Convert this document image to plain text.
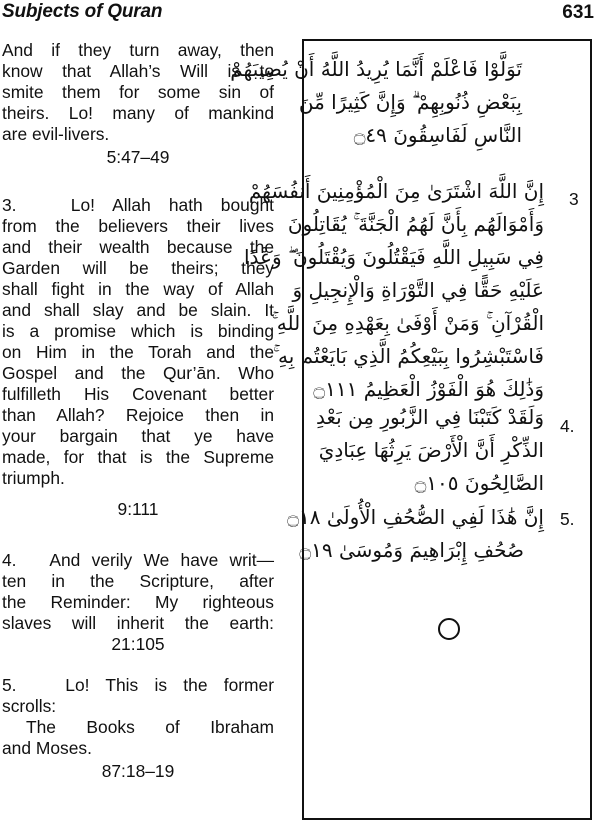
Subjects of Quran	631
And if they turn away, then
know that Allah’s Will is to
smite them for some sin of
theirs. Lo! many of mankind
are evil-livers.
5:47–49
3.   Lo! Allah hath bought
from the believers their lives
and their wealth because the
Garden will be theirs; they
shall fight in the way of Allah
and shall slay and be slain. It
is a promise which is binding
on Him in the Torah and the
Gospel and the Qur’ān. Who
fulfilleth His Covenant better
than Allah? Rejoice then in
your bargain that ye have
made, for that is the Supreme
triumph.
9:111
4.   And verily We have writ—
ten in the Scripture, after
the Reminder: My righteous
slaves will inherit the earth:
21:105
5.   Lo! This is the former
scrolls:
The Books of Ibraham
and Moses.
87:18–19
تَوَلَّوْا فَاعْلَمْ أَنَّمَا يُرِيدُ اللَّهُ أَنْ يُصِيبَهُمْ
بِبَعْضِ ذُنُوبِهِمْ ۗ وَإِنَّ كَثِيرًا مِّنَ
النَّاسِ لَفَاسِقُونَ ۝٤٩
3
إِنَّ اللَّهَ اشْتَرَىٰ مِنَ الْمُؤْمِنِينَ أَنفُسَهُمْ
وَأَمْوَالَهُم بِأَنَّ لَهُمُ الْجَنَّةَ ۚ يُقَاتِلُونَ
فِي سَبِيلِ اللَّهِ فَيَقْتُلُونَ وَيُقْتَلُونَ ۖ وَعْدًا
عَلَيْهِ حَقًّا فِي التَّوْرَاةِ وَالْإِنجِيلِ وَ
الْقُرْآنِ ۚ وَمَنْ أَوْفَىٰ بِعَهْدِهِ مِنَ اللَّهِ ۚ
فَاسْتَبْشِرُوا بِبَيْعِكُمُ الَّذِي بَايَعْتُم بِهِ ۚ
وَذَٰلِكَ هُوَ الْفَوْزُ الْعَظِيمُ ۝١١١
4.
وَلَقَدْ كَتَبْنَا فِي الزَّبُورِ مِن بَعْدِ
الذِّكْرِ أَنَّ الْأَرْضَ يَرِثُهَا عِبَادِيَ
الصَّالِحُونَ ۝١٠٥
5.
إِنَّ هَٰذَا لَفِي الصُّحُفِ الْأُولَىٰ ۝١٨
صُحُفِ إِبْرَاهِيمَ وَمُوسَىٰ ۝١٩
